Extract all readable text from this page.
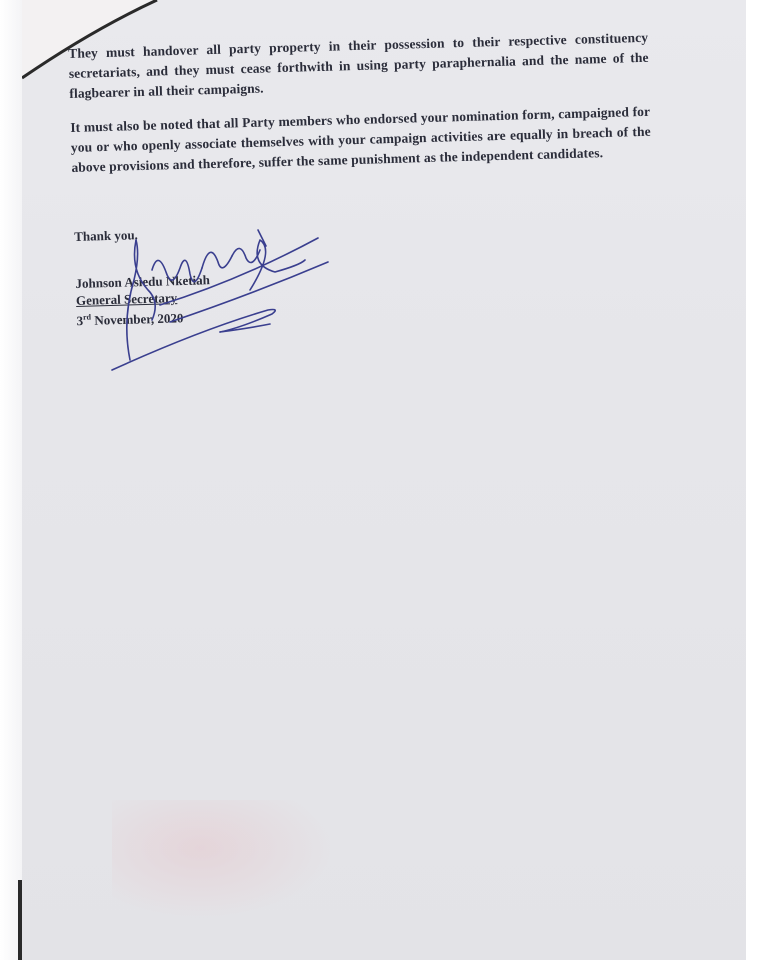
They must handover all party property in their possession to their respective constituency secretariats, and they must cease forthwith in using party paraphernalia and the name of the flagbearer in all their campaigns.

It must also be noted that all Party members who endorsed your nomination form, campaigned for you or who openly associate themselves with your campaign activities are equally in breach of the above provisions and therefore, suffer the same punishment as the independent candidates.

Thank you.
Johnson Asiedu Nketiah
General Secretary
3rd November, 2020
